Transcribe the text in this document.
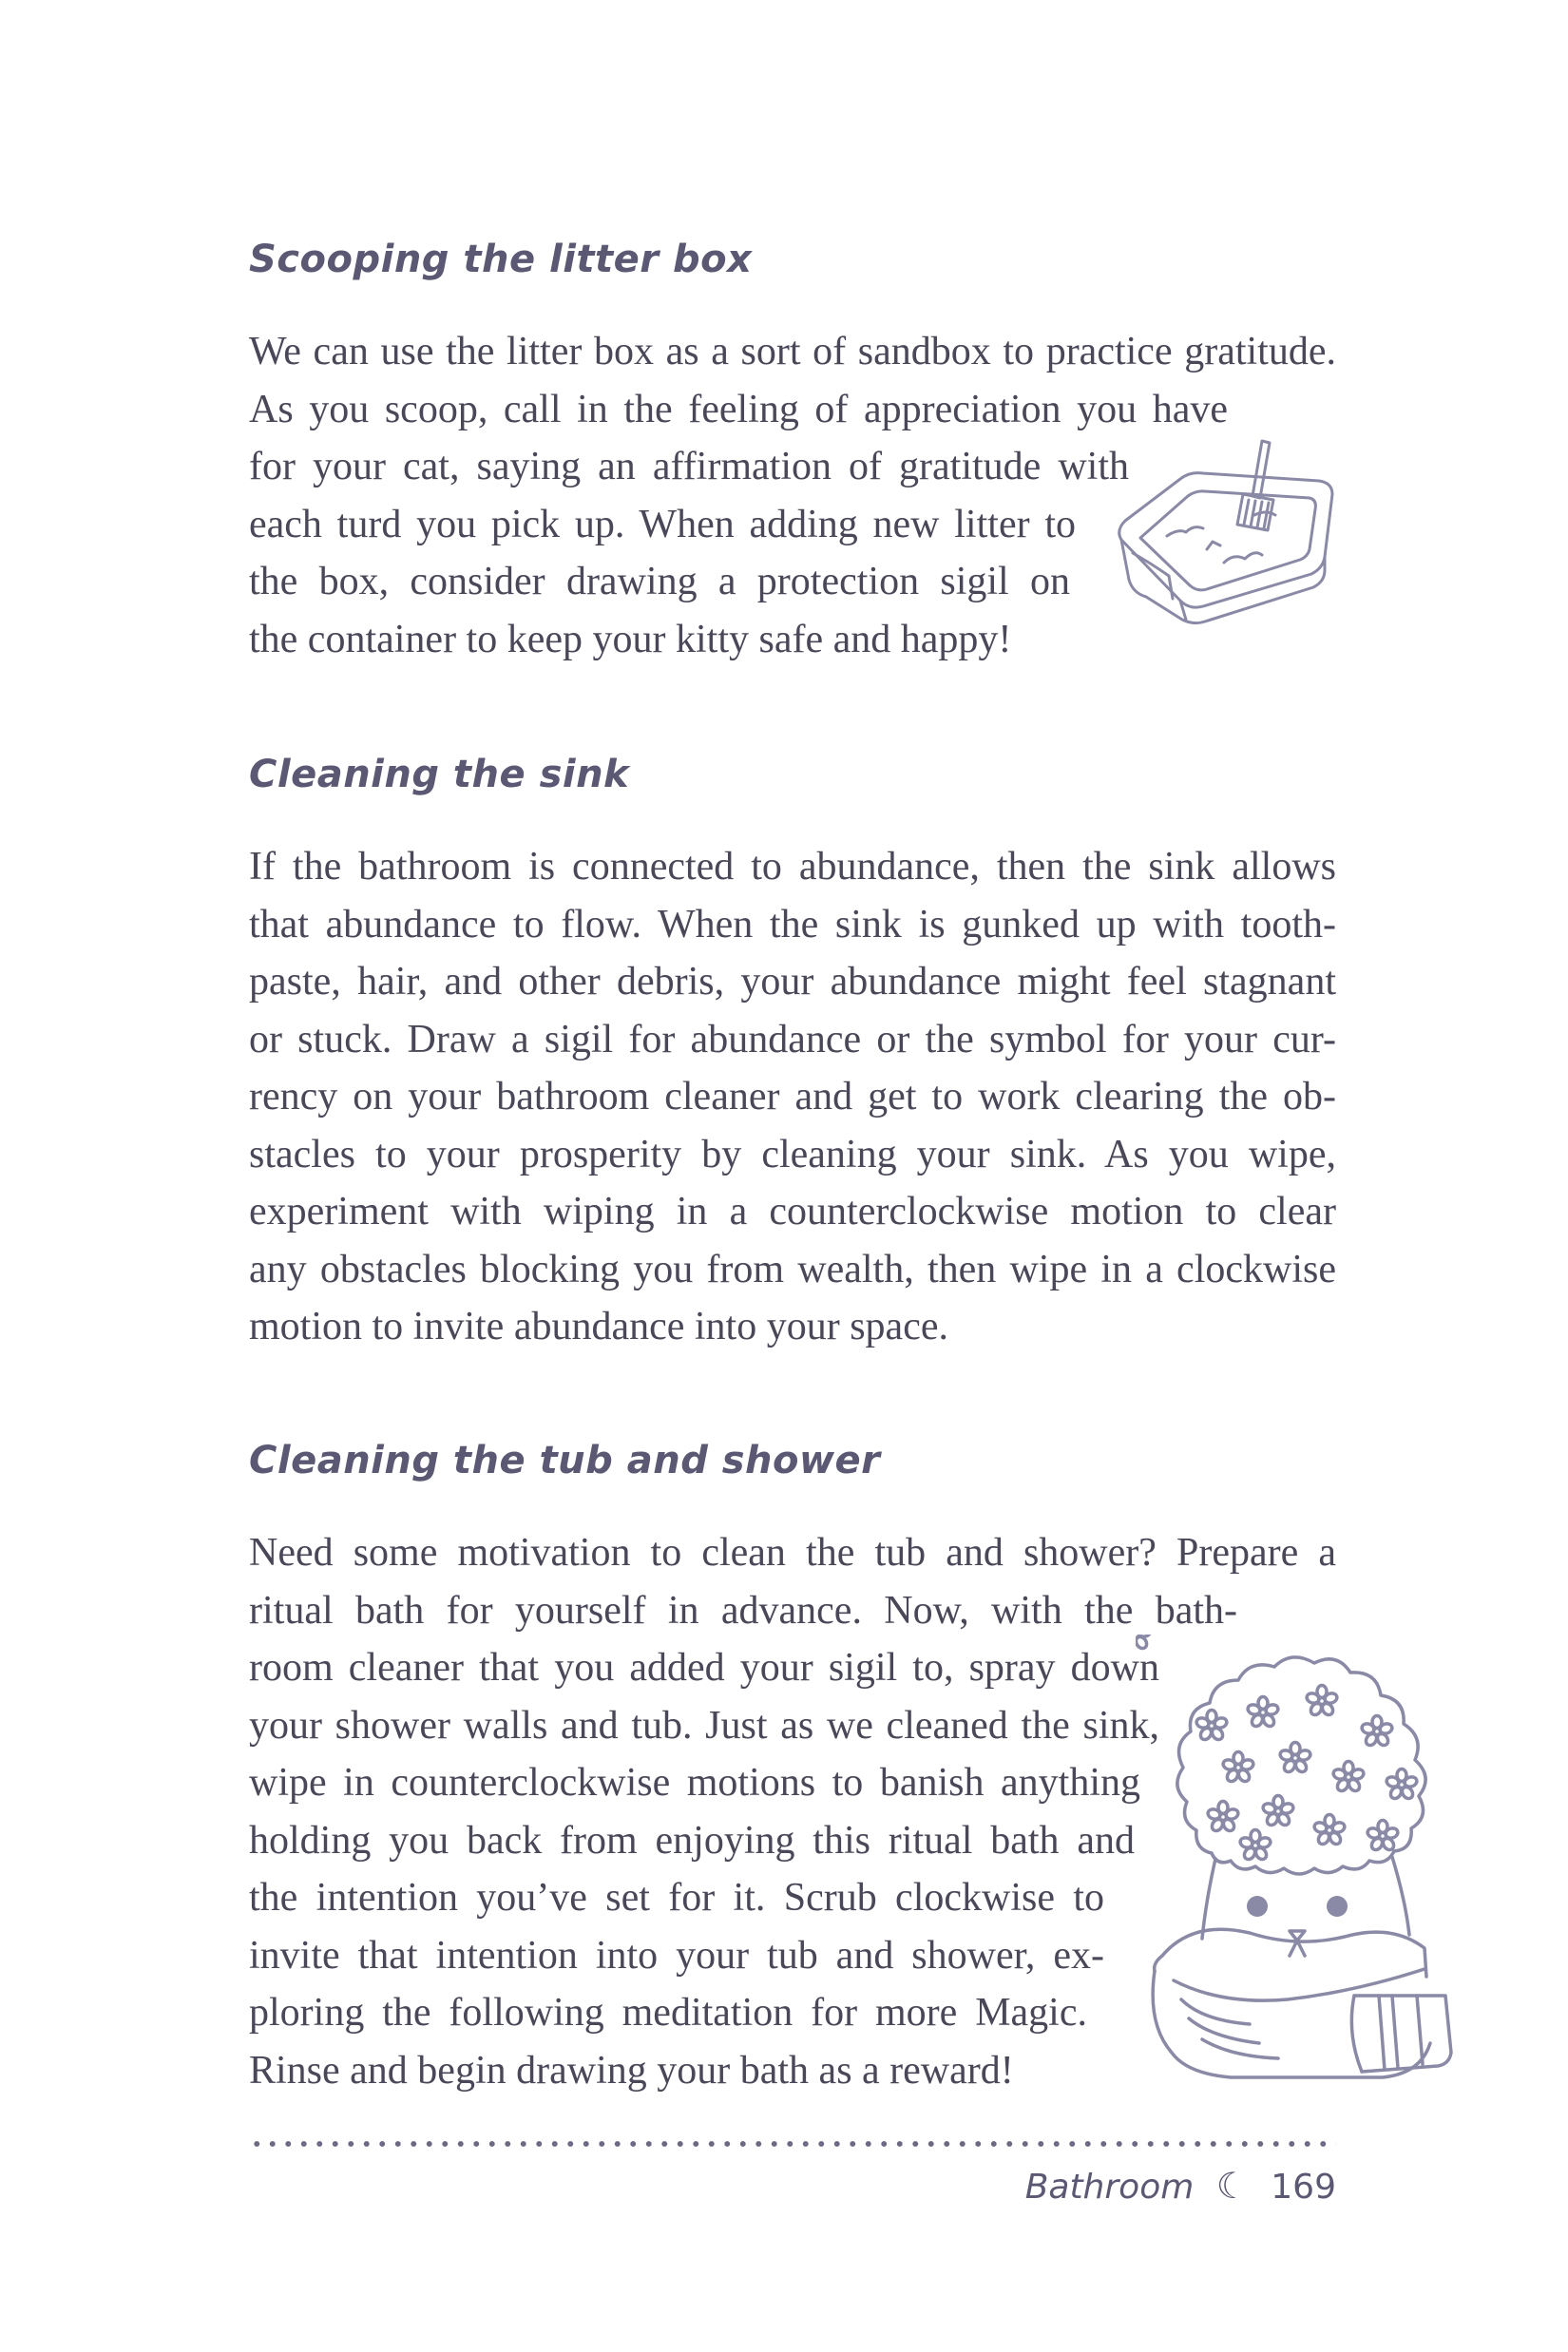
Scooping the litter box
We can use the litter box as a sort of sandbox to practice gratitude.
As you scoop, call in the feeling of appreciation you have
for your cat, saying an affirmation of gratitude with
each turd you pick up. When adding new litter to
the box, consider drawing a protection sigil on
the container to keep your kitty safe and happy!
Cleaning the sink
If the bathroom is connected to abundance, then the sink allows
that abundance to flow. When the sink is gunked up with tooth-
paste, hair, and other debris, your abundance might feel stagnant
or stuck. Draw a sigil for abundance or the symbol for your cur-
rency on your bathroom cleaner and get to work clearing the ob-
stacles to your prosperity by cleaning your sink. As you wipe,
experiment with wiping in a counterclockwise motion to clear
any obstacles blocking you from wealth, then wipe in a clockwise
motion to invite abundance into your space.
Cleaning the tub and shower
Need some motivation to clean the tub and shower? Prepare a
ritual bath for yourself in advance. Now, with the bath-
room cleaner that you added your sigil to, spray down
your shower walls and tub. Just as we cleaned the sink,
wipe in counterclockwise motions to banish anything
holding you back from enjoying this ritual bath and
the intention you’ve set for it. Scrub clockwise to
invite that intention into your tub and shower, ex-
ploring the following meditation for more Magic.
Rinse and begin drawing your bath as a reward!
Bathroom ☾ 169
